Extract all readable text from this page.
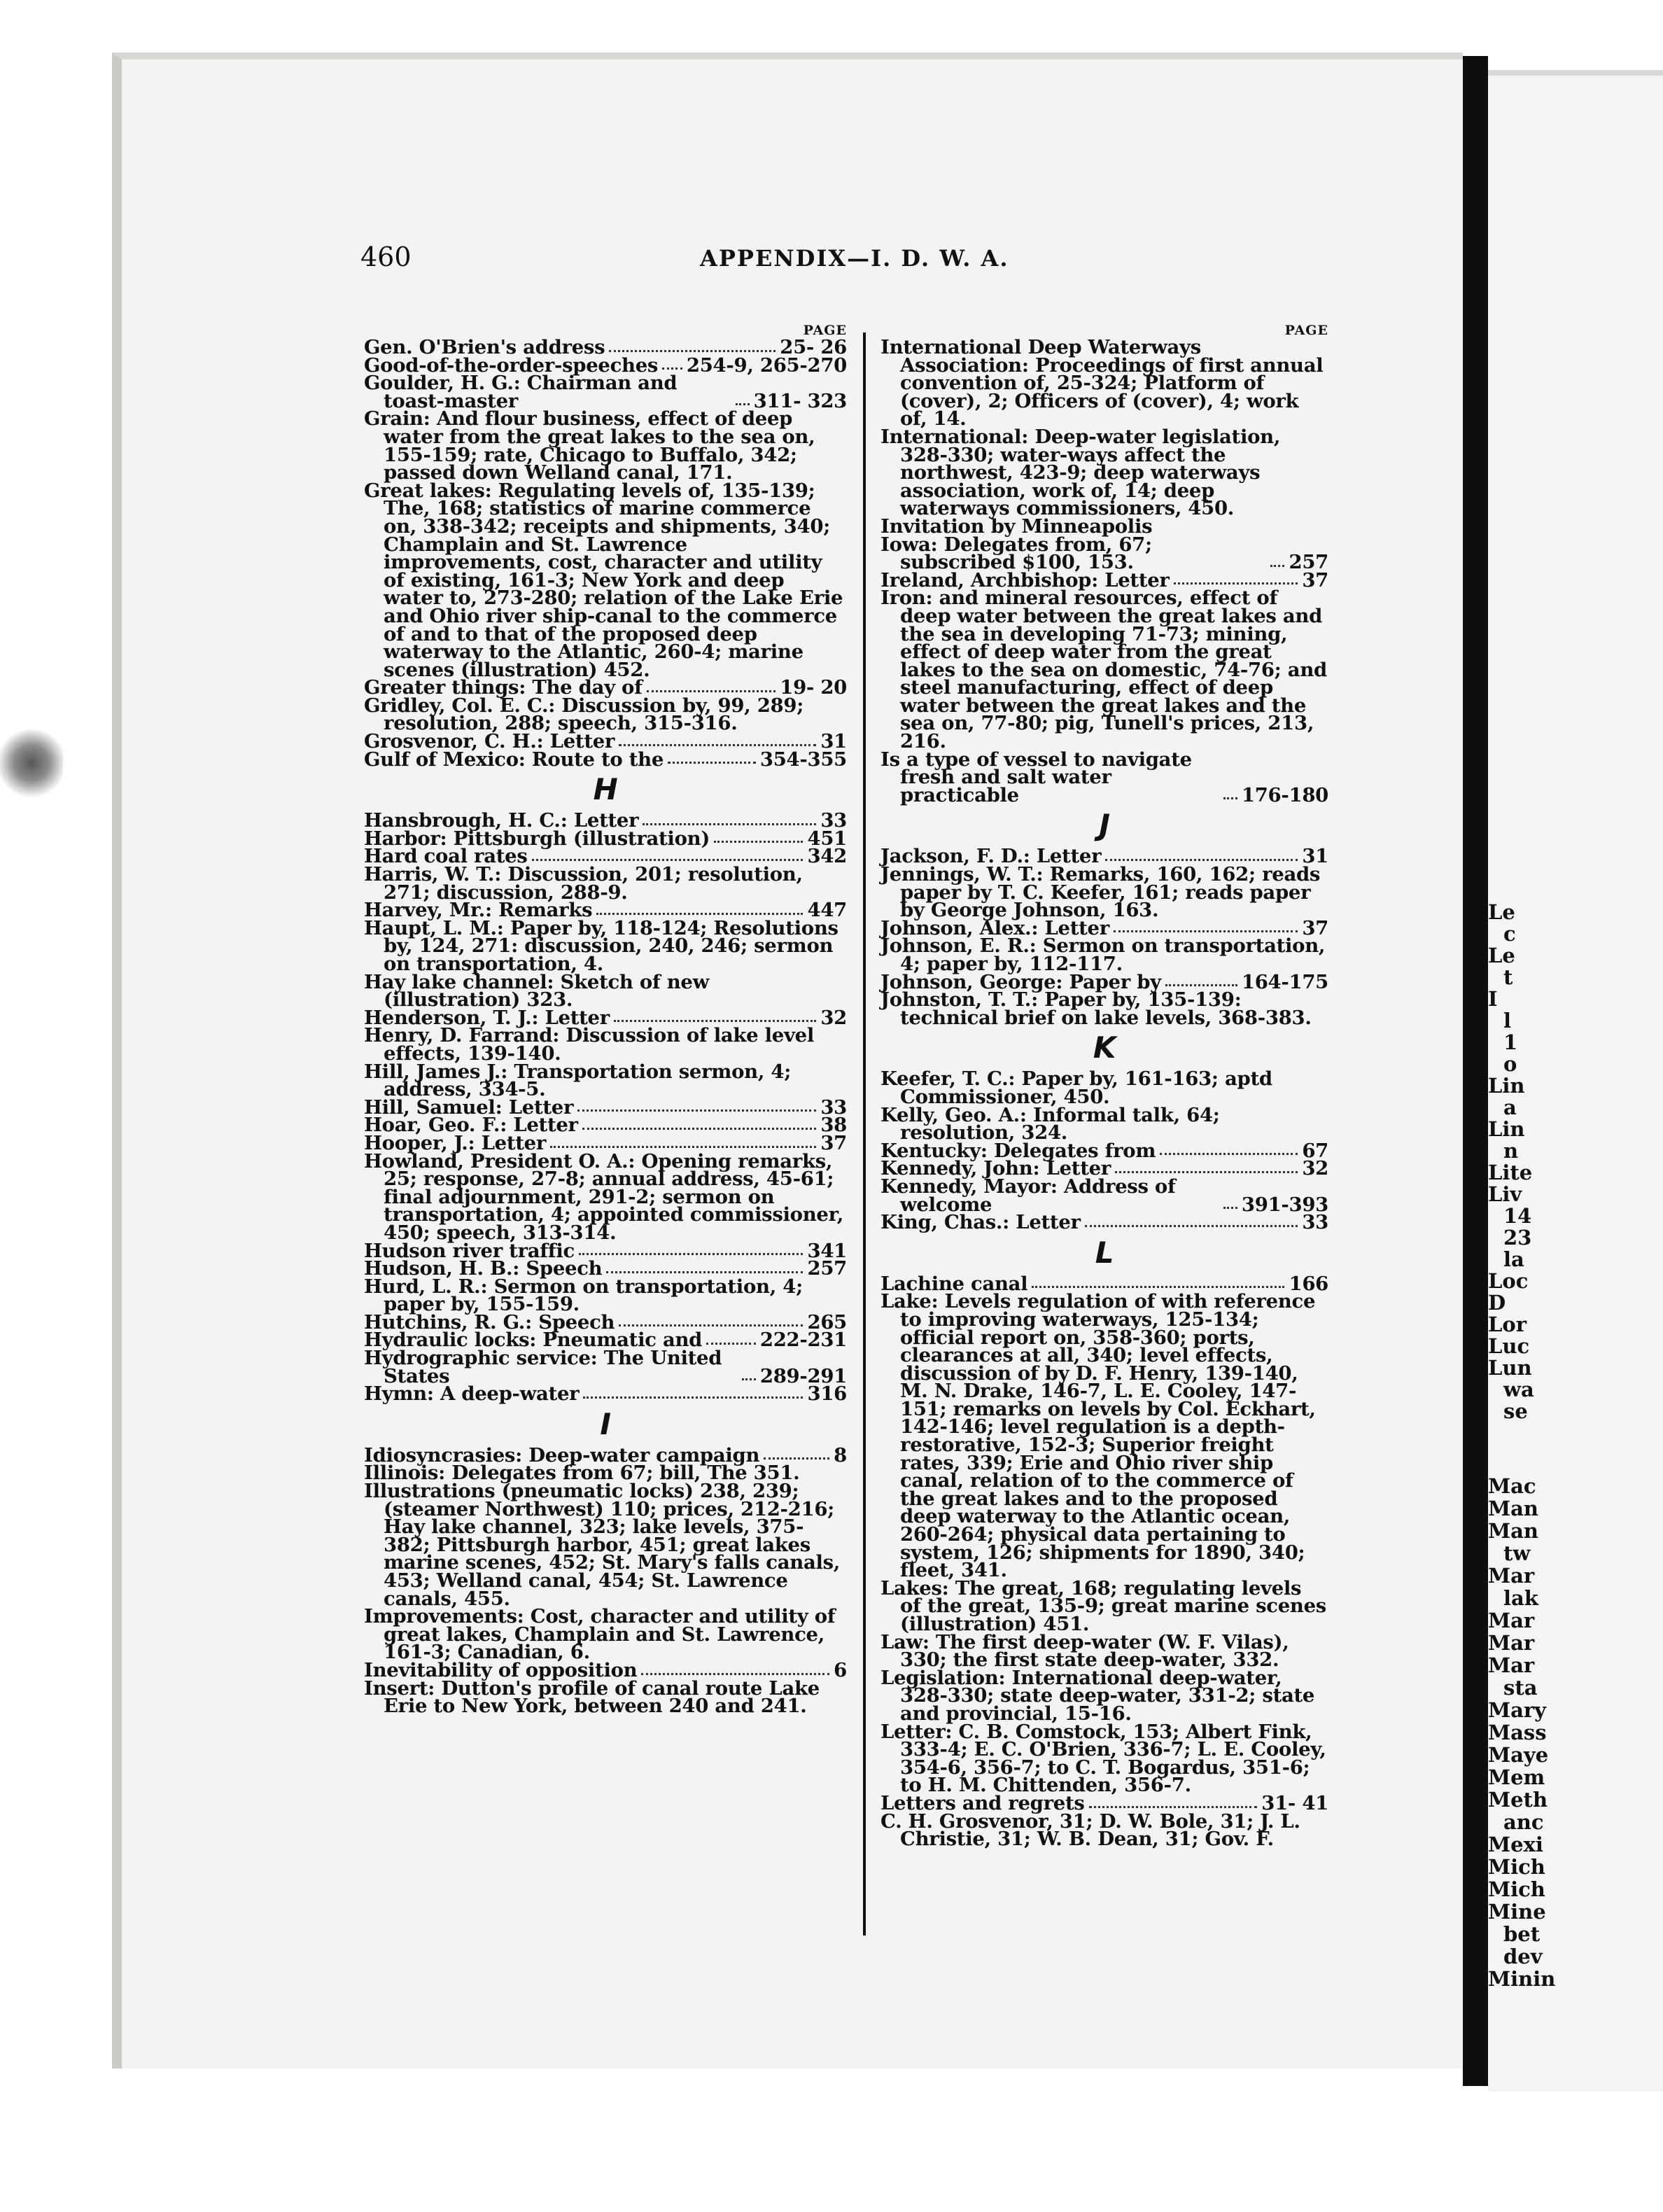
Le
c
Le
t
I
l
1
o
Lin
a
Lin
n
Lite
Liv
14
23
la
Loc
D
Lor
Luc
Lun
wa
se
Mac
Man
Man
tw
Mar
lak
Mar
Mar
Mar
sta
Mary
Mass
Maye
Mem
Meth
anc
Mexi
Mich
Mich
Mine
bet
dev
Minin
460	APPENDIX—I. D. W. A.
PAGE
Gen. O'Brien's address	25- 26
Good-of-the-order-speeches 254-9, 265-270
Goulder, H. G.: Chairman and toast-master	311- 323
Grain: And flour business, effect of deep water from the great lakes to the sea on, 155-159; rate, Chicago to Buffalo, 342; passed down Welland canal, 171.
Great lakes: Regulating levels of, 135-139; The, 168; statistics of marine commerce on, 338-342; receipts and shipments, 340; Champlain and St. Lawrence improvements, cost, character and utility of existing, 161-3; New York and deep water to, 273-280; relation of the Lake Erie and Ohio river ship-canal to the commerce of and to that of the proposed deep waterway to the Atlantic, 260-4; marine scenes (illustration) 452.
Greater things: The day of	19- 20
Gridley, Col. E. C.: Discussion by, 99, 289; resolution, 288; speech, 315-316.
Grosvenor, C. H.: Letter	31
Gulf of Mexico: Route to the	354-355
H
Hansbrough, H. C.: Letter	33
Harbor: Pittsburgh (illustration)	451
Hard coal rates	342
Harris, W. T.: Discussion, 201; resolution, 271; discussion, 288-9.
Harvey, Mr.: Remarks	447
Haupt, L. M.: Paper by, 118-124; Resolutions by, 124, 271: discussion, 240, 246; sermon on transportation, 4.
Hay lake channel: Sketch of new (illustration) 323.
Henderson, T. J.: Letter	32
Henry, D. Farrand: Discussion of lake level effects, 139-140.
Hill, James J.: Transportation sermon, 4; address, 334-5.
Hill, Samuel: Letter	33
Hoar, Geo. F.: Letter	38
Hooper, J.: Letter	37
Howland, President O. A.: Opening remarks, 25; response, 27-8; annual address, 45-61; final adjournment, 291-2; sermon on transportation, 4; appointed commissioner, 450; speech, 313-314.
Hudson river traffic	341
Hudson, H. B.: Speech	257
Hurd, L. R.: Sermon on transportation, 4; paper by, 155-159.
Hutchins, R. G.: Speech	265
Hydraulic locks: Pneumatic and	222-231
Hydrographic service: The United States	289-291
Hymn: A deep-water	316
I
Idiosyncrasies: Deep-water campaign	8
Illinois: Delegates from 67; bill, The 351.
Illustrations (pneumatic locks) 238, 239; (steamer Northwest) 110; prices, 212-216; Hay lake channel, 323; lake levels, 375-382; Pittsburgh harbor, 451; great lakes marine scenes, 452; St. Mary's falls canals, 453; Welland canal, 454; St. Lawrence canals, 455.
Improvements: Cost, character and utility of great lakes, Champlain and St. Lawrence, 161-3; Canadian, 6.
Inevitability of opposition	6
Insert: Dutton's profile of canal route Lake Erie to New York, between 240 and 241.
PAGE
International Deep Waterways Association: Proceedings of first annual convention of, 25-324; Platform of (cover), 2; Officers of (cover), 4; work of, 14.
International: Deep-water legislation, 328-330; water-ways affect the northwest, 423-9; deep waterways association, work of, 14; deep waterways commissioners, 450.
Invitation by Minneapolis
Iowa: Delegates from, 67; subscribed $100, 153.	257
Ireland, Archbishop: Letter	37
Iron: and mineral resources, effect of deep water between the great lakes and the sea in developing 71-73; mining, effect of deep water from the great lakes to the sea on domestic, 74-76; and steel manufacturing, effect of deep water between the great lakes and the sea on, 77-80; pig, Tunell's prices, 213, 216.
Is a type of vessel to navigate fresh and salt water practicable	176-180
J
Jackson, F. D.: Letter	31
Jennings, W. T.: Remarks, 160, 162; reads paper by T. C. Keefer, 161; reads paper by George Johnson, 163.
Johnson, Alex.: Letter	37
Johnson, E. R.: Sermon on transportation, 4; paper by, 112-117.
Johnson, George: Paper by	164-175
Johnston, T. T.: Paper by, 135-139: technical brief on lake levels, 368-383.
K
Keefer, T. C.: Paper by, 161-163; aptd Commissioner, 450.
Kelly, Geo. A.: Informal talk, 64; resolution, 324.
Kentucky: Delegates from	67
Kennedy, John: Letter	32
Kennedy, Mayor: Address of welcome	391-393
King, Chas.: Letter	33
L
Lachine canal	166
Lake: Levels regulation of with reference to improving waterways, 125-134; official report on, 358-360; ports, clearances at all, 340; level effects, discussion of by D. F. Henry, 139-140, M. N. Drake, 146-7, L. E. Cooley, 147-151; remarks on levels by Col. Eckhart, 142-146; level regulation is a depth-restorative, 152-3; Superior freight rates, 339; Erie and Ohio river ship canal, relation of to the commerce of the great lakes and to the proposed deep waterway to the Atlantic ocean, 260-264; physical data pertaining to system, 126; shipments for 1890, 340; fleet, 341.
Lakes: The great, 168; regulating levels of the great, 135-9; great marine scenes (illustration) 451.
Law: The first deep-water (W. F. Vilas), 330; the first state deep-water, 332.
Legislation: International deep-water, 328-330; state deep-water, 331-2; state and provincial, 15-16.
Letter: C. B. Comstock, 153; Albert Fink, 333-4; E. C. O'Brien, 336-7; L. E. Cooley, 354-6, 356-7; to C. T. Bogardus, 351-6; to H. M. Chittenden, 356-7.
Letters and regrets	31- 41
C. H. Grosvenor, 31; D. W. Bole, 31; J. L. Christie, 31; W. B. Dean, 31; Gov. F.
